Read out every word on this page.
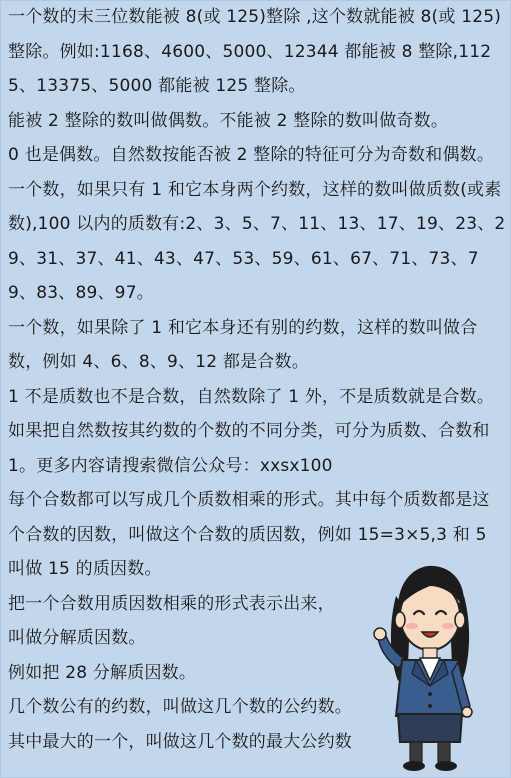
一个数的末三位数能被 8(或 125)整除 ,这个数就能被 8(或 125)整除。例如:1168、4600、5000、12344 都能被 8 整除,1125、13375、5000 都能被 125 整除。

能被 2 整除的数叫做偶数。不能被 2 整除的数叫做奇数。

0 也是偶数。自然数按能否被 2 整除的特征可分为奇数和偶数。

一个数，如果只有 1 和它本身两个约数，这样的数叫做质数(或素数),100 以内的质数有:2、3、5、7、11、13、17、19、23、29、31、37、41、43、47、53、59、61、67、71、73、79、83、89、97。

一个数，如果除了 1 和它本身还有别的约数，这样的数叫做合数，例如 4、6、8、9、12 都是合数。

1 不是质数也不是合数，自然数除了 1 外，不是质数就是合数。如果把自然数按其约数的个数的不同分类，可分为质数、合数和 1。更多内容请搜索微信公众号：xxsx100

每个合数都可以写成几个质数相乘的形式。其中每个质数都是这个合数的因数，叫做这个合数的质因数，例如 15=3×5,3 和 5 叫做 15 的质因数。

把一个合数用质因数相乘的形式表示出来，

叫做分解质因数。

例如把 28 分解质因数。

几个数公有的约数，叫做这几个数的公约数。

其中最大的一个，叫做这几个数的最大公约数
